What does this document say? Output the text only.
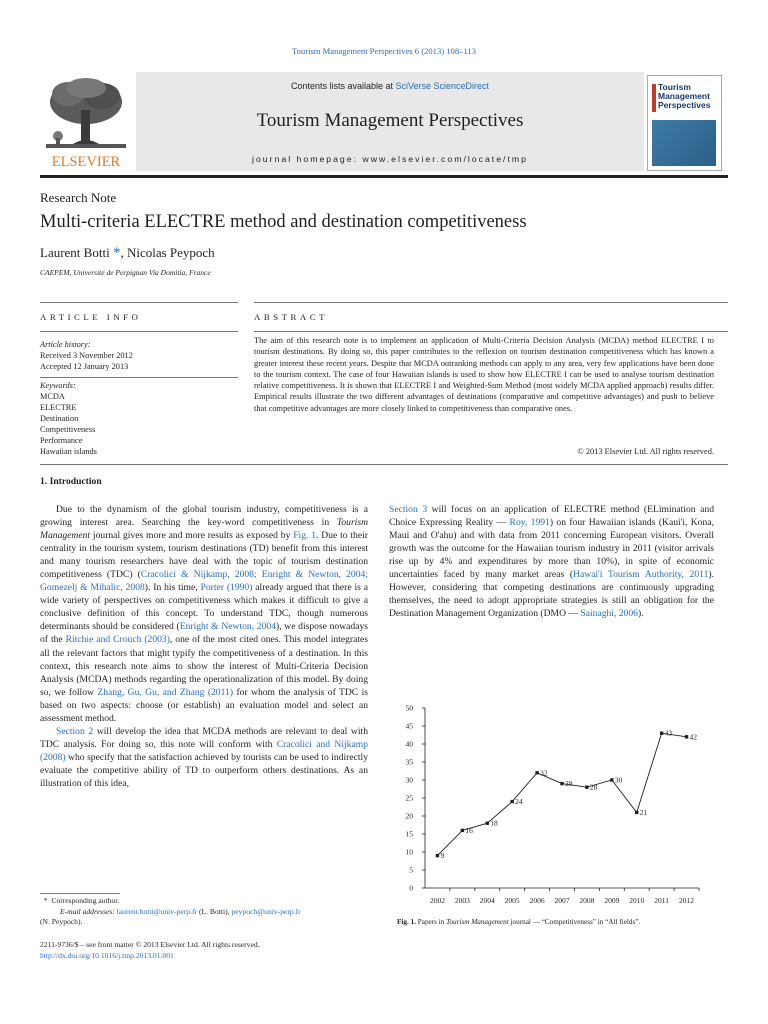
Tourism Management Perspectives 6 (2013) 108–113
ELSEVIER
Contents lists available at SciVerse ScienceDirect
Tourism Management Perspectives
journal homepage: www.elsevier.com/locate/tmp
Tourism Management Perspectives
Research Note
Multi-criteria ELECTRE method and destination competitiveness
Laurent Botti *, Nicolas Peypoch
CAEPEM, Université de Perpignan Via Domitia, France
ARTICLE INFO
Article history:
Received 3 November 2012
Accepted 12 January 2013
Keywords:
MCDA
ELECTRE
Destination
Competitiveness
Performance
Hawaiian islands
ABSTRACT
The aim of this research note is to implement an application of Multi-Criteria Decision Analysis (MCDA) method ELECTRE I to tourism destinations. By doing so, this paper contributes to the reflexion on tourism destination competitiveness which has known a greater interest these recent years. Despite that MCDA outranking methods can apply to any area, very few applications have been done to the tourism context. The case of four Hawaiian islands is used to show how ELECTRE I can be used to analyse tourism destination relative competitiveness. It is shown that ELECTRE I and Weighted-Sum Method (most widely MCDA applied approach) results differ. Empirical results illustrate the two different advantages of destinations (comparative and competitive advantages) and push to believe that competitive advantages are more closely linked to competitiveness than comparative ones.
© 2013 Elsevier Ltd. All rights reserved.
1. Introduction

Due to the dynamism of the global tourism industry, competitiveness is a growing interest area. Searching the key-word competitiveness in Tourism Management journal gives more and more results as exposed by Fig. 1. Due to their centrality in the tourism system, tourism destinations (TD) benefit from this interest and many tourism researchers have deal with the topic of tourism destination competitiveness (TDC) (Cracolici & Nijkamp, 2008; Enright & Newton, 2004; Gomezelj & Mihalic, 2008). In his time, Porter (1990) already argued that there is a wide variety of perspectives on competitiveness which makes it difficult to give a conclusive definition of this concept. To understand TDC, though numerous determinants should be considered (Enright & Newton, 2004), we dispose nowadays of the Ritchie and Crouch (2003), one of the most cited ones. This model integrates all the relevant factors that might typify the competitiveness of a destination. In this context, this research note aims to show the interest of Multi-Criteria Decision Analysis (MCDA) methods regarding the operationalization of this model. By doing so, we follow Zhang, Gu, Gu, and Zhang (2011) for whom the analysis of TDC is based on two aspects: choose (or establish) an evaluation model and select an assessment method.

Section 2 will develop the idea that MCDA methods are relevant to deal with TDC analysis. For doing so, this note will conform with Cracolici and Nijkamp (2008) who specify that the satisfaction achieved by tourists can be used to indirectly evaluate the competitive ability of TD to outperform others destinations. As an illustration of this idea,

Section 3 will focus on an application of ELECTRE method (ELimination and Choice Expressing Reality — Roy, 1991) on four Hawaiian islands (Kaui'i, Kona, Maui and O'ahu) and with data from 2011 concerning European visitors. Overall growth was the outcome for the Hawaiian tourism industry in 2011 (visitor arrivals rise up by 4% and expenditures by more than 10%), in spite of economic uncertainties faced by many market areas (Hawai'i Tourism Authority, 2011). However, considering that competing destinations are continuously upgrading themselves, the need to adopt appropriate strategies is still an obligation for the Destination Management Organization (DMO — Sainaghi, 2006).

0
5
10
15
20
25
30
35
40
45
50
2002 2003 2004 2005 2006 2007 2008 2009 2010 2011 2012
9
16
18
24
32
29 28
30
21
43 42
Fig. 1. Papers in Tourism Management journal — “Competitiveness” in “All fields”.
* Corresponding author.
E-mail addresses: laurent.botti@univ-perp.fr (L. Botti), peypoch@univ-perp.fr
(N. Peypoch).
2211-9736/$ – see front matter © 2013 Elsevier Ltd. All rights reserved.
http://dx.doi.org/10.1016/j.tmp.2013.01.001
